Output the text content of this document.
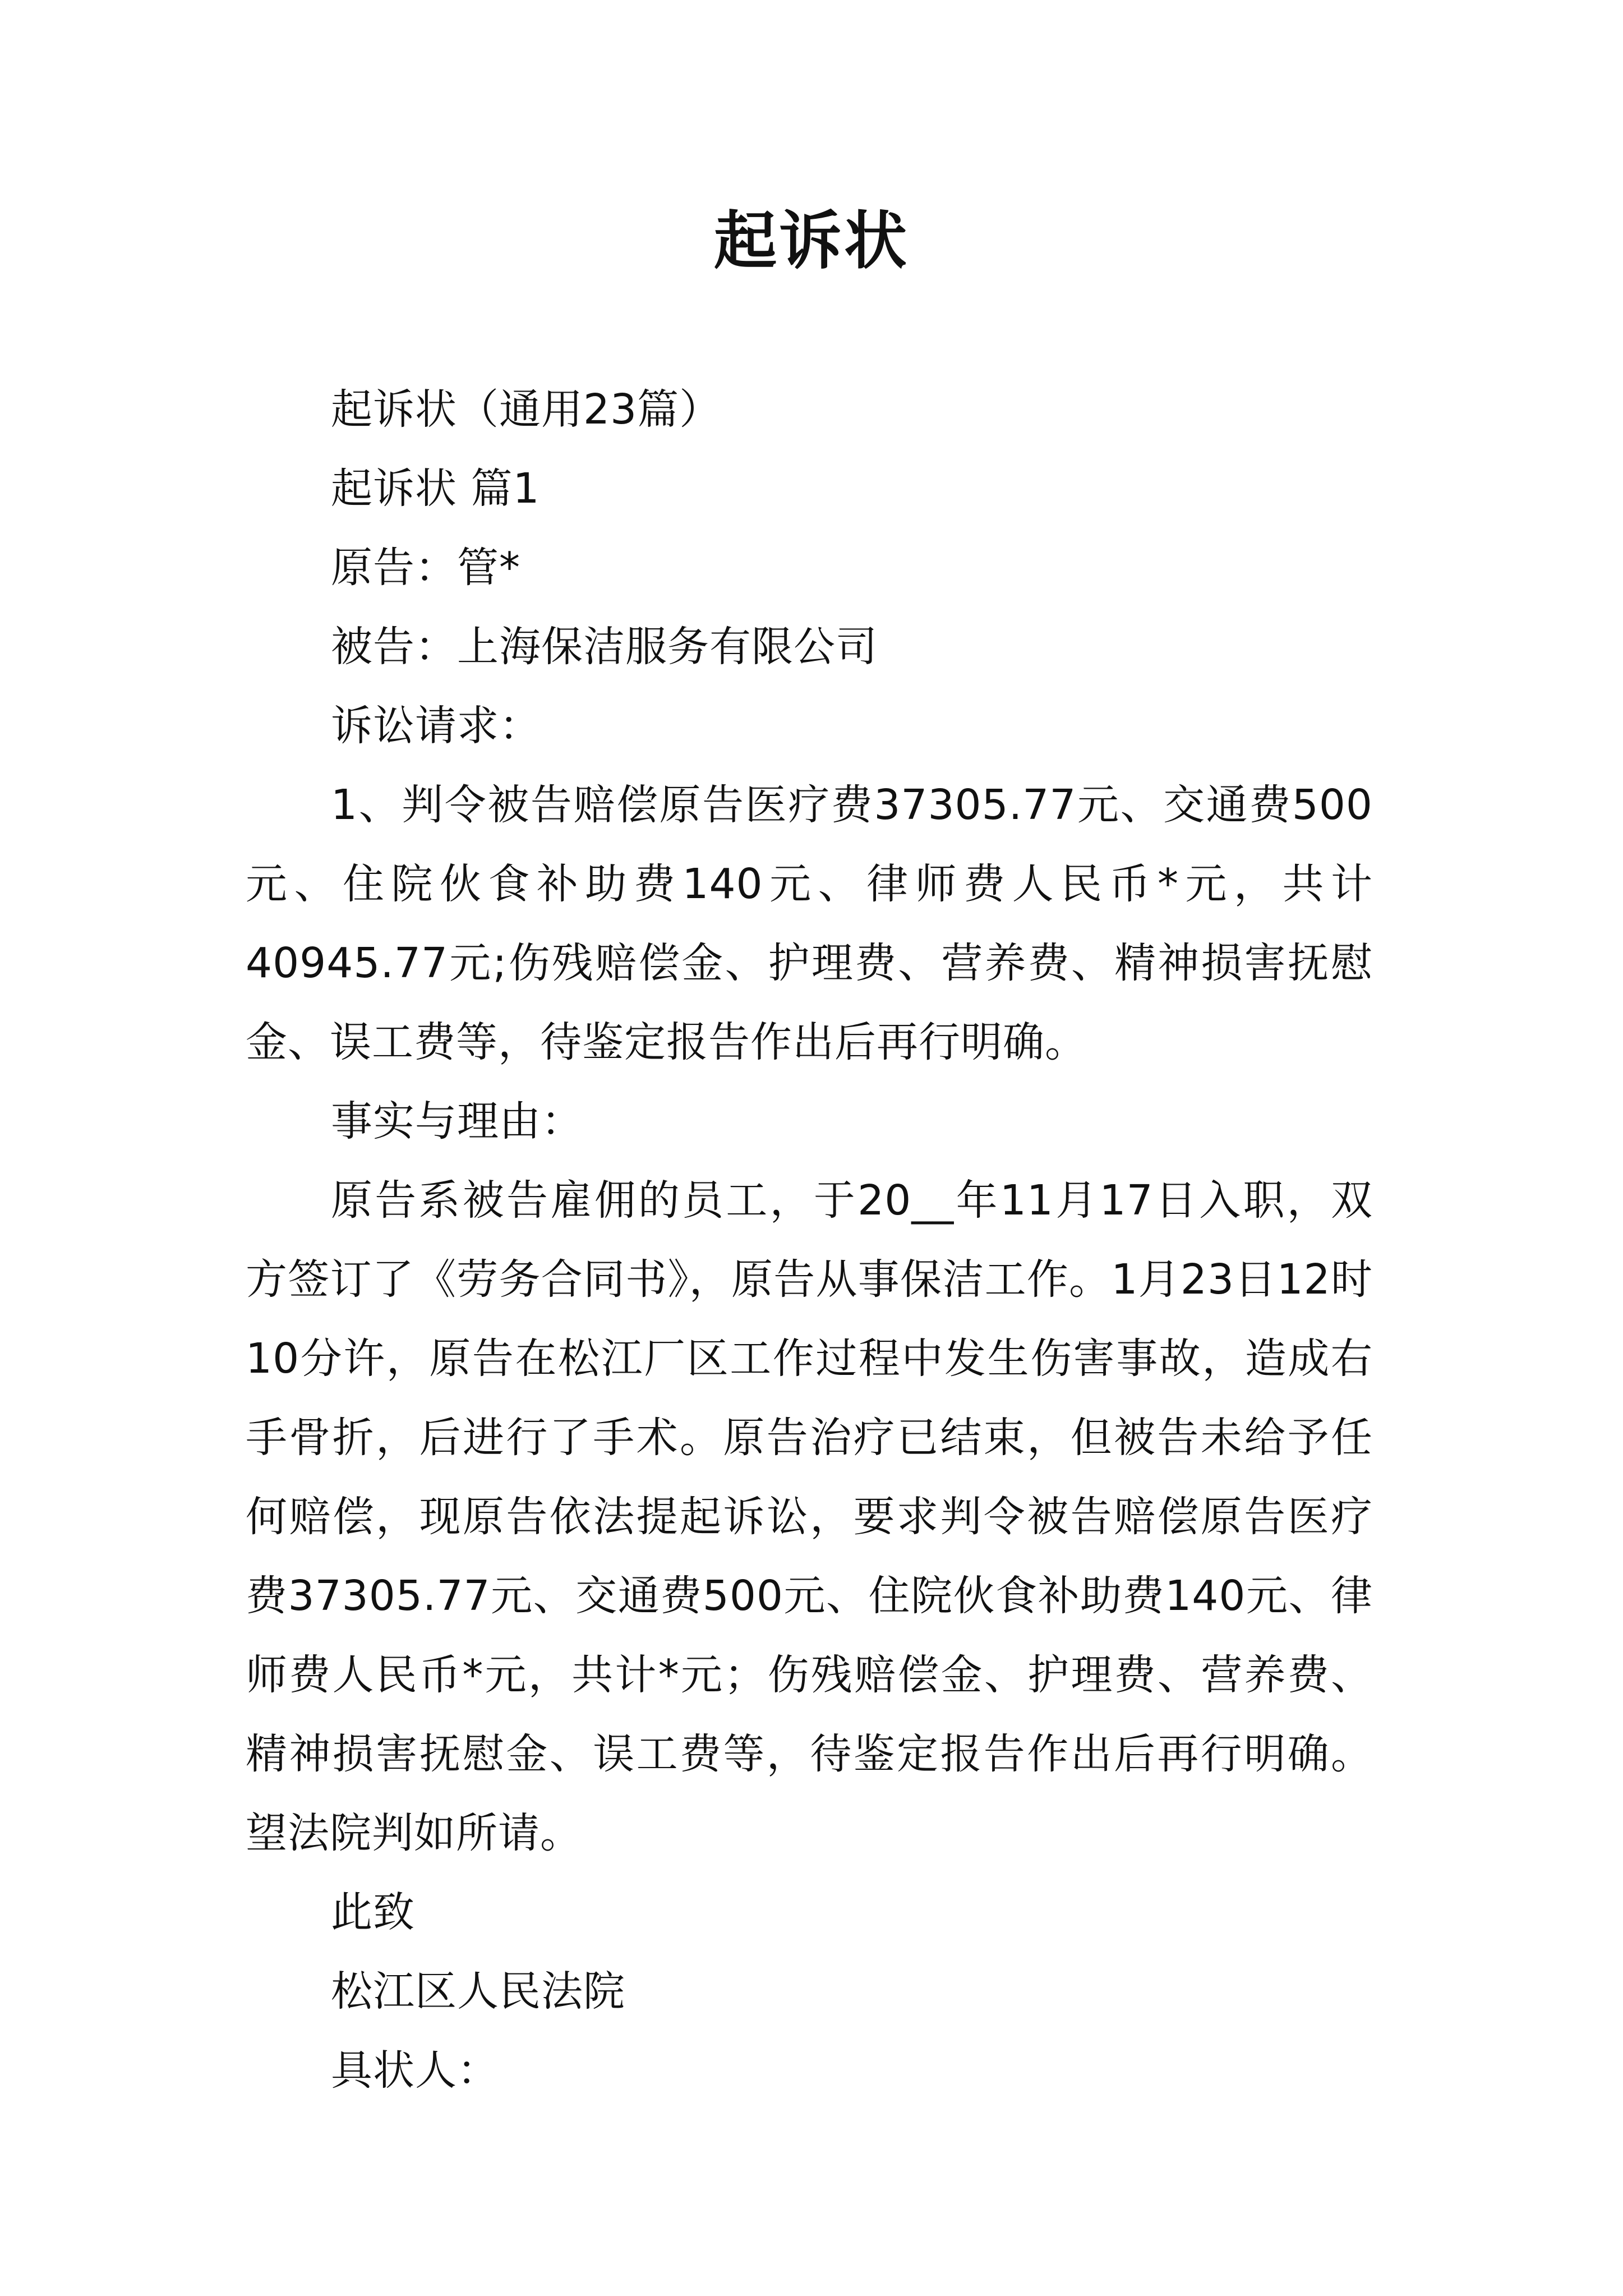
起诉状

起诉状（通用23篇）

起诉状 篇1

原告：管*

被告：上海保洁服务有限公司

诉讼请求：

1、判令被告赔偿原告医疗费37305.77元、交通费500元、住院伙食补助费140元、律师费人民币*元，共计40945.77元;伤残赔偿金、护理费、营养费、精神损害抚慰金、误工费等，待鉴定报告作出后再行明确。

事实与理由：

原告系被告雇佣的员工，于20__年11月17日入职，双方签订了《劳务合同书》，原告从事保洁工作。1月23日12时10分许，原告在松江厂区工作过程中发生伤害事故，造成右手骨折，后进行了手术。原告治疗已结束，但被告未给予任何赔偿，现原告依法提起诉讼，要求判令被告赔偿原告医疗费37305.77元、交通费500元、住院伙食补助费140元、律师费人民币*元，共计*元；伤残赔偿金、护理费、营养费、精神损害抚慰金、误工费等，待鉴定报告作出后再行明确。望法院判如所请。

此致

松江区人民法院

具状人：
